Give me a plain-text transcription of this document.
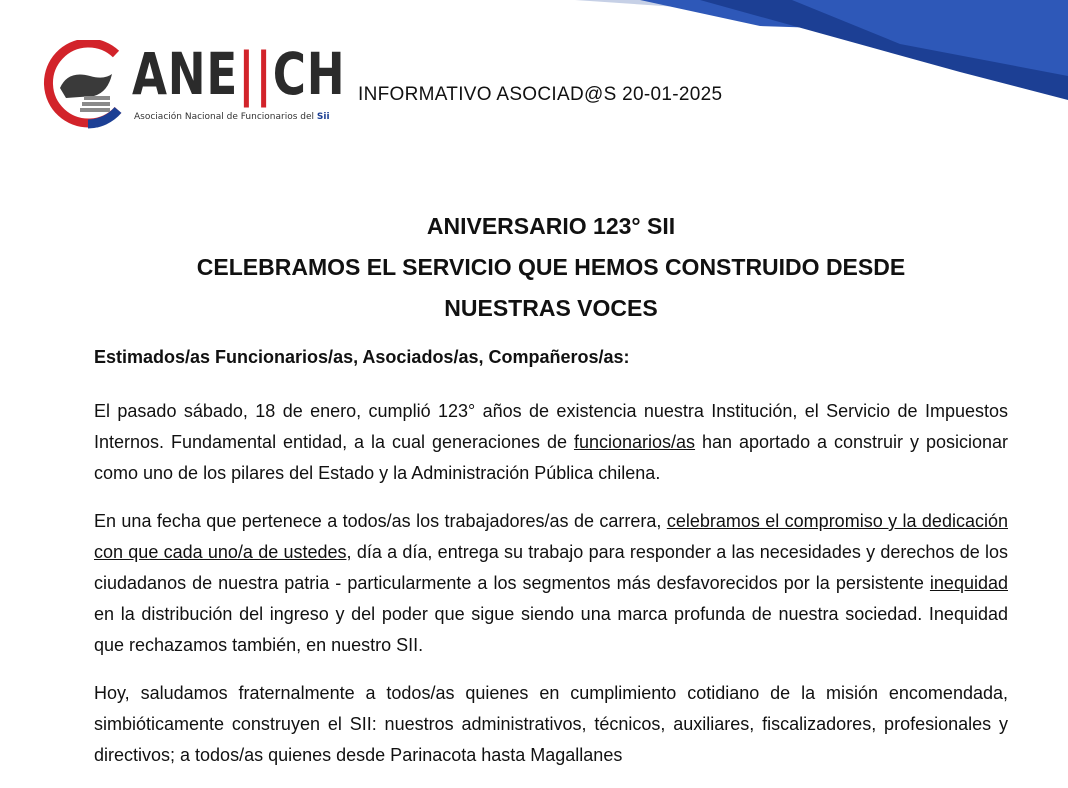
ANE||CH
Asociación Nacional de Funcionarios del Sii
INFORMATIVO ASOCIAD@S 20-01-2025
ANIVERSARIO 123° SII
CELEBRAMOS EL SERVICIO QUE HEMOS CONSTRUIDO DESDE
NUESTRAS VOCES
Estimados/as Funcionarios/as, Asociados/as, Compañeros/as:

El pasado sábado, 18 de enero, cumplió 123° años de existencia nuestra Institución, el Servicio de Impuestos Internos. Fundamental entidad, a la cual generaciones de funcionarios/as han aportado a construir y posicionar como uno de los pilares del Estado y la Administración Pública chilena.

En una fecha que pertenece a todos/as los trabajadores/as de carrera, celebramos el compromiso y la dedicación con que cada uno/a de ustedes, día a día, entrega su trabajo para responder a las necesidades y derechos de los ciudadanos de nuestra patria - particularmente a los segmentos más desfavorecidos por la persistente inequidad en la distribución del ingreso y del poder que sigue siendo una marca profunda de nuestra sociedad. Inequidad que rechazamos también, en nuestro SII.

Hoy, saludamos fraternalmente a todos/as quienes en cumplimiento cotidiano de la misión encomendada, simbióticamente construyen el SII: nuestros administrativos, técnicos, auxiliares, fiscalizadores, profesionales y directivos; a todos/as quienes desde Parinacota hasta Magallanes
